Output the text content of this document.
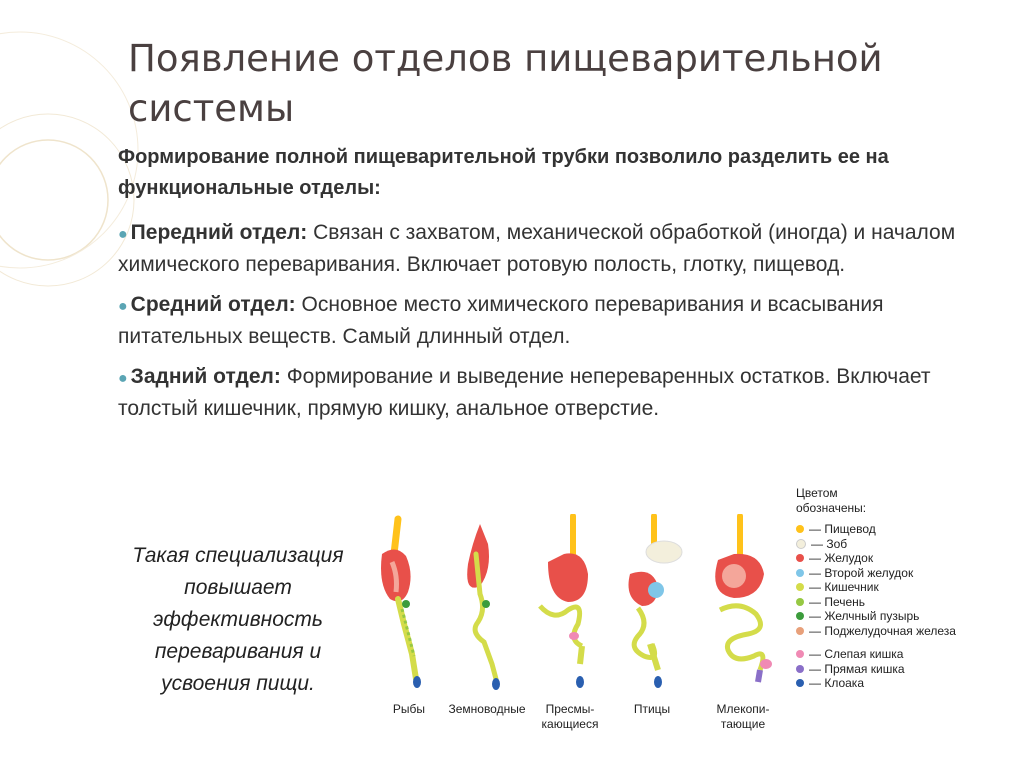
Появление отделов пищеварительной системы
Формирование полной пищеварительной трубки позволило разделить ее на функциональные отделы:
● Передний отдел: Связан с захватом, механической обработкой (иногда) и началом химического переваривания. Включает ротовую полость, глотку, пищевод.
● Средний отдел: Основное место химического переваривания и всасывания питательных веществ. Самый длинный отдел.
● Задний отдел: Формирование и выведение непереваренных остатков. Включает толстый кишечник, прямую кишку, анальное отверстие.
Такая специализация повышает эффективность переваривания и усвоения пищи.
Рыбы	Земноводные	Пресмы-
кающиеся
Птицы	Млекопи-
тающие
Цветом
обозначены:
— Пищевод
— Зоб
— Желудок
— Второй желудок
— Кишечник
— Печень
— Желчный пузырь
— Поджелудочная железа
— Слепая кишка
— Прямая кишка
— Клоака
